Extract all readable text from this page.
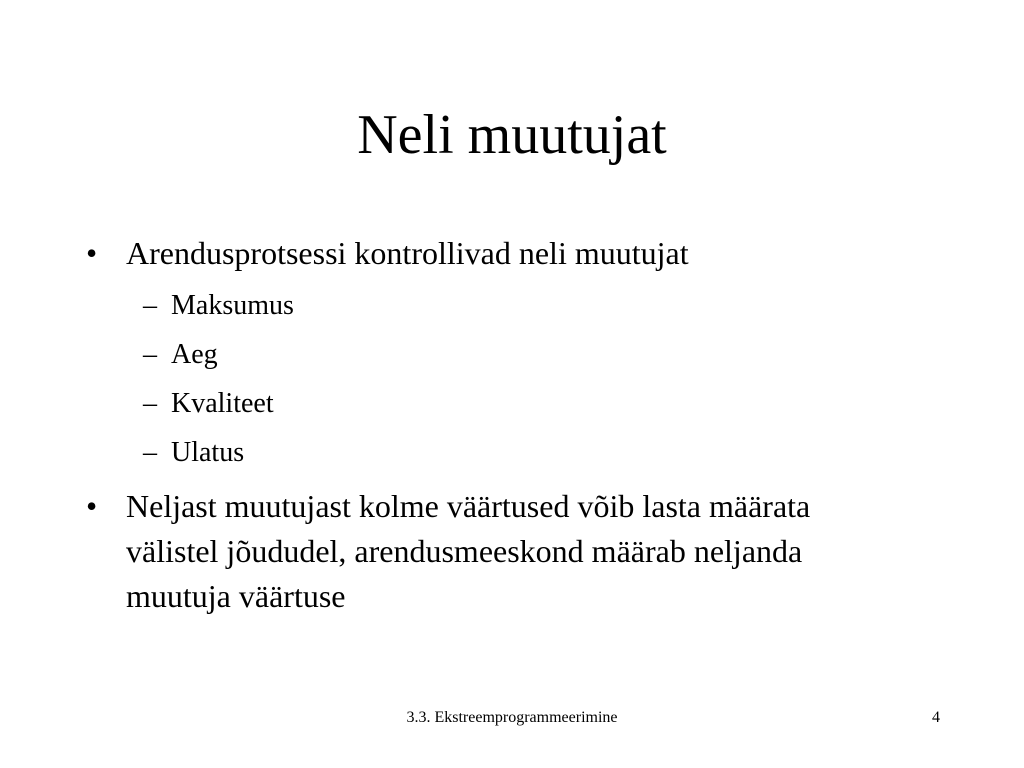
Neli muutujat
• Arendusprotsessi kontrollivad neli muutujat
– Maksumus
– Aeg
– Kvaliteet
– Ulatus
• Neljast muutujast kolme väärtused võib lasta määrata välistel jõududel, arendusmeeskond määrab neljanda muutuja väärtuse
3.3. Ekstreemprogrammeerimine	4
